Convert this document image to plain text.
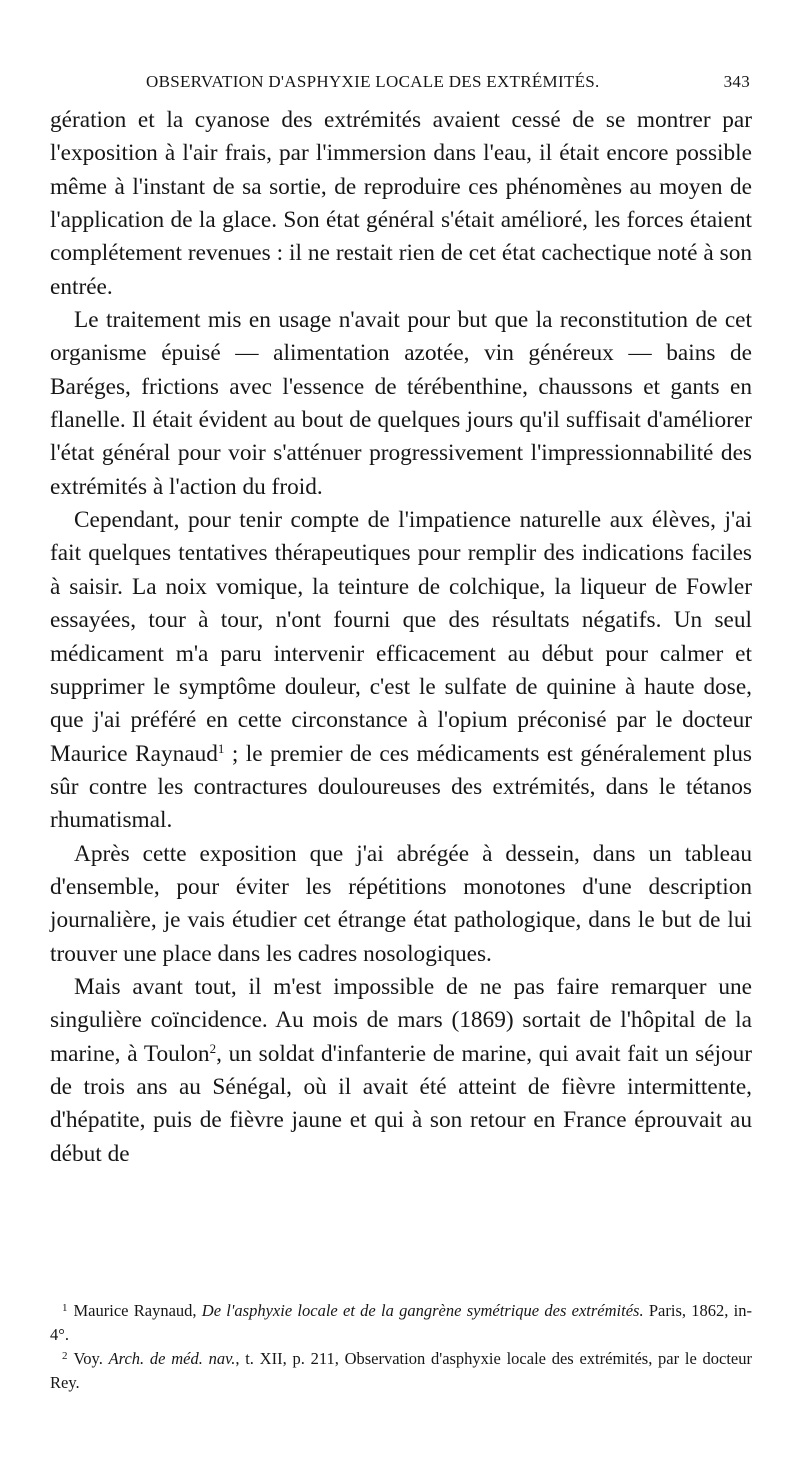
OBSERVATION D'ASPHYXIE LOCALE DES EXTRÉMITÉS.	343

gération et la cyanose des extrémités avaient cessé de se montrer par l'exposition à l'air frais, par l'immersion dans l'eau, il était encore possible même à l'instant de sa sortie, de reproduire ces phénomènes au moyen de l'application de la glace. Son état général s'était amélioré, les forces étaient complétement revenues : il ne restait rien de cet état cachectique noté à son entrée.

Le traitement mis en usage n'avait pour but que la reconstitution de cet organisme épuisé — alimentation azotée, vin généreux — bains de Baréges, frictions avec l'essence de térébenthine, chaussons et gants en flanelle. Il était évident au bout de quelques jours qu'il suffisait d'améliorer l'état général pour voir s'atténuer progressivement l'impressionnabilité des extrémités à l'action du froid.

Cependant, pour tenir compte de l'impatience naturelle aux élèves, j'ai fait quelques tentatives thérapeutiques pour remplir des indications faciles à saisir. La noix vomique, la teinture de colchique, la liqueur de Fowler essayées, tour à tour, n'ont fourni que des résultats négatifs. Un seul médicament m'a paru intervenir efficacement au début pour calmer et supprimer le symptôme douleur, c'est le sulfate de quinine à haute dose, que j'ai préféré en cette circonstance à l'opium préconisé par le docteur Maurice Raynaud$^1$ ; le premier de ces médicaments est généralement plus sûr contre les contractures douloureuses des extrémités, dans le tétanos rhumatismal.

Après cette exposition que j'ai abrégée à dessein, dans un tableau d'ensemble, pour éviter les répétitions monotones d'une description journalière, je vais étudier cet étrange état pathologique, dans le but de lui trouver une place dans les cadres nosologiques.

Mais avant tout, il m'est impossible de ne pas faire remarquer une singulière coïncidence. Au mois de mars (1869) sortait de l'hôpital de la marine, à Toulon$^2$, un soldat d'infanterie de marine, qui avait fait un séjour de trois ans au Sénégal, où il avait été atteint de fièvre intermittente, d'hépatite, puis de fièvre jaune et qui à son retour en France éprouvait au début de

$^1$ Maurice Raynaud, De l'asphyxie locale et de la gangrène symétrique des extrémités. Paris, 1862, in-4°.

$^2$ Voy. Arch. de méd. nav., t. XII, p. 211, Observation d'asphyxie locale des extrémités, par le docteur Rey.
